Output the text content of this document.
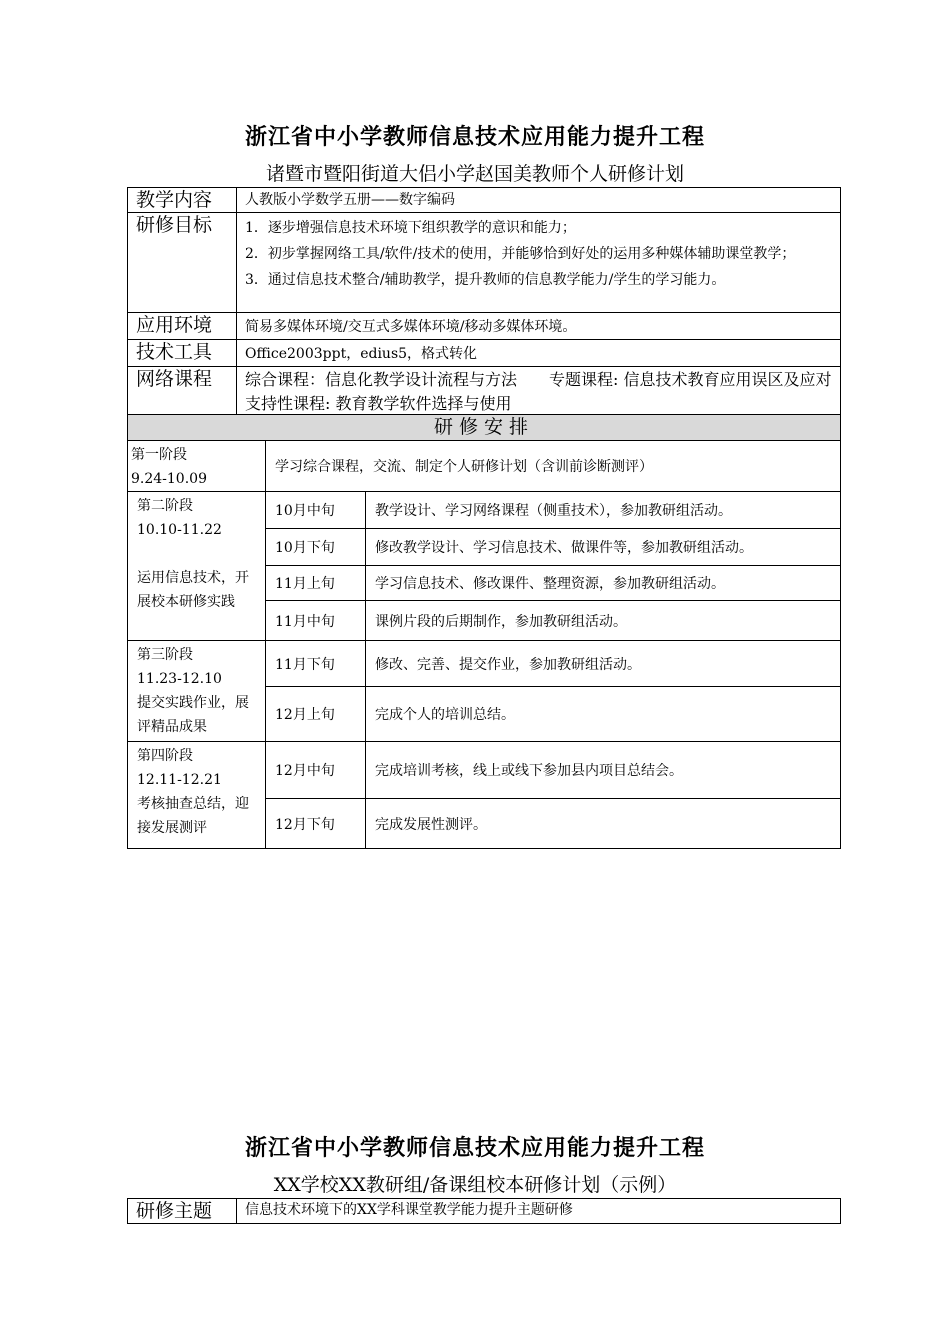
浙江省中小学教师信息技术应用能力提升工程
诸暨市暨阳街道大侣小学赵国美教师个人研修计划
教学内容	人教版小学数学五册——数字编码
研修目标	1．逐步增强信息技术环境下组织教学的意识和能力；
2．初步掌握网络工具/软件/技术的使用，并能够恰到好处的运用多种媒体辅助课堂教学；
3．通过信息技术整合/辅助教学，提升教师的信息教学能力/学生的学习能力。

应用环境	简易多媒体环境/交互式多媒体环境/移动多媒体环境。
技术工具	Office2003ppt，edius5，格式转化
网络课程	综合课程：信息化教学设计流程与方法　　专题课程: 信息技术教育应用误区及应对　　支持性课程: 教育教学软件选择与使用
研修安排		

第一阶段
9.24-10.09	学习综合课程，交流、制定个人研修计划（含训前诊断测评）	

第二阶段
10.10-11.22
运用信息技术，开展校本研修实践	10月中旬	教学设计、学习网络课程（侧重技术），参加教研组活动。
	10月下旬	修改教学设计、学习信息技术、做课件等，参加教研组活动。
	11月上旬	学习信息技术、修改课件、整理资源，参加教研组活动。
	11月中旬	课例片段的后期制作，参加教研组活动。

第三阶段
11.23-12.10
提交实践作业，展评精品成果	11月下旬	修改、完善、提交作业，参加教研组活动。
	12月上旬	完成个人的培训总结。

第四阶段
12.11-12.21
考核抽查总结，迎接发展测评	12月中旬	完成培训考核，线上或线下参加县内项目总结会。
	12月下旬	完成发展性测评。
浙江省中小学教师信息技术应用能力提升工程
XX学校XX教研组/备课组校本研修计划（示例）
研修主题	信息技术环境下的XX学科课堂教学能力提升主题研修
